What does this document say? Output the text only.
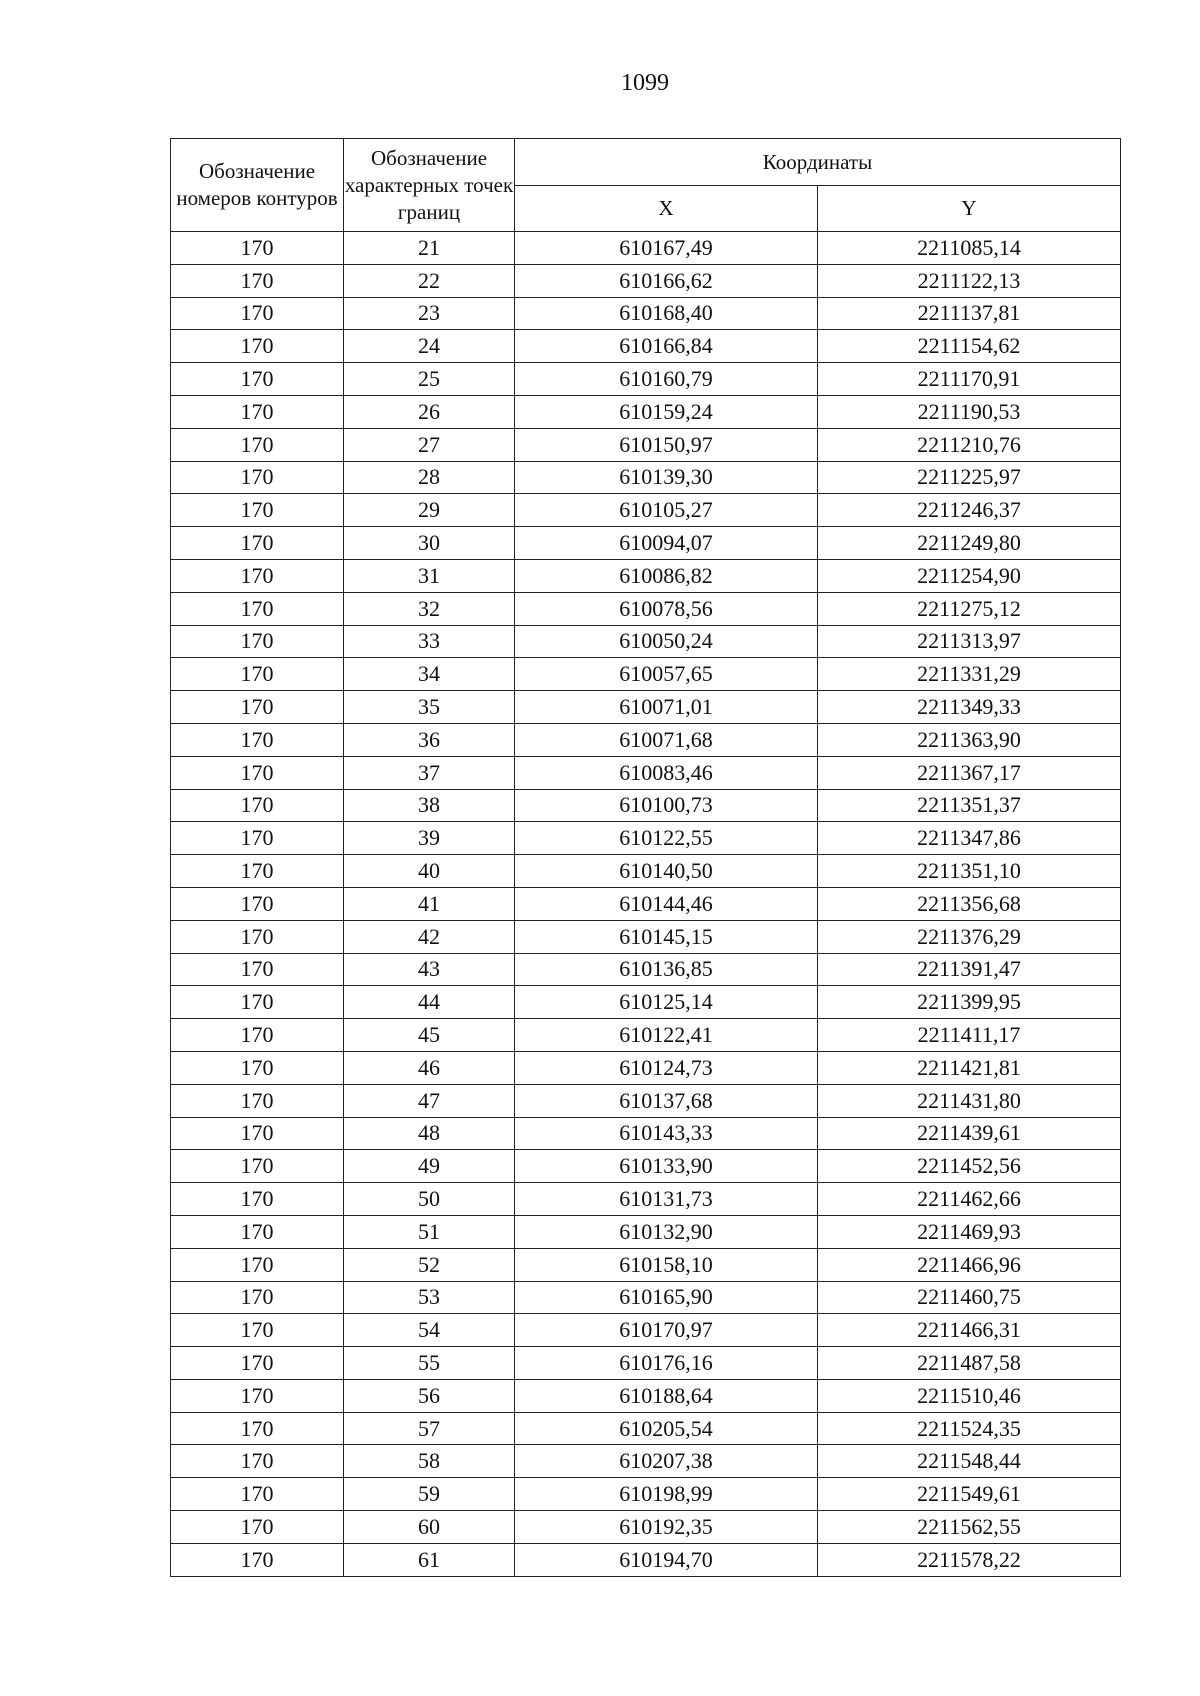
1099
Обозначение номеров контуров	Обозначение характерных точек границ	Координаты	
		X	Y
170	21	610167,49	2211085,14
170	22	610166,62	2211122,13
170	23	610168,40	2211137,81
170	24	610166,84	2211154,62
170	25	610160,79	2211170,91
170	26	610159,24	2211190,53
170	27	610150,97	2211210,76
170	28	610139,30	2211225,97
170	29	610105,27	2211246,37
170	30	610094,07	2211249,80
170	31	610086,82	2211254,90
170	32	610078,56	2211275,12
170	33	610050,24	2211313,97
170	34	610057,65	2211331,29
170	35	610071,01	2211349,33
170	36	610071,68	2211363,90
170	37	610083,46	2211367,17
170	38	610100,73	2211351,37
170	39	610122,55	2211347,86
170	40	610140,50	2211351,10
170	41	610144,46	2211356,68
170	42	610145,15	2211376,29
170	43	610136,85	2211391,47
170	44	610125,14	2211399,95
170	45	610122,41	2211411,17
170	46	610124,73	2211421,81
170	47	610137,68	2211431,80
170	48	610143,33	2211439,61
170	49	610133,90	2211452,56
170	50	610131,73	2211462,66
170	51	610132,90	2211469,93
170	52	610158,10	2211466,96
170	53	610165,90	2211460,75
170	54	610170,97	2211466,31
170	55	610176,16	2211487,58
170	56	610188,64	2211510,46
170	57	610205,54	2211524,35
170	58	610207,38	2211548,44
170	59	610198,99	2211549,61
170	60	610192,35	2211562,55
170	61	610194,70	2211578,22
